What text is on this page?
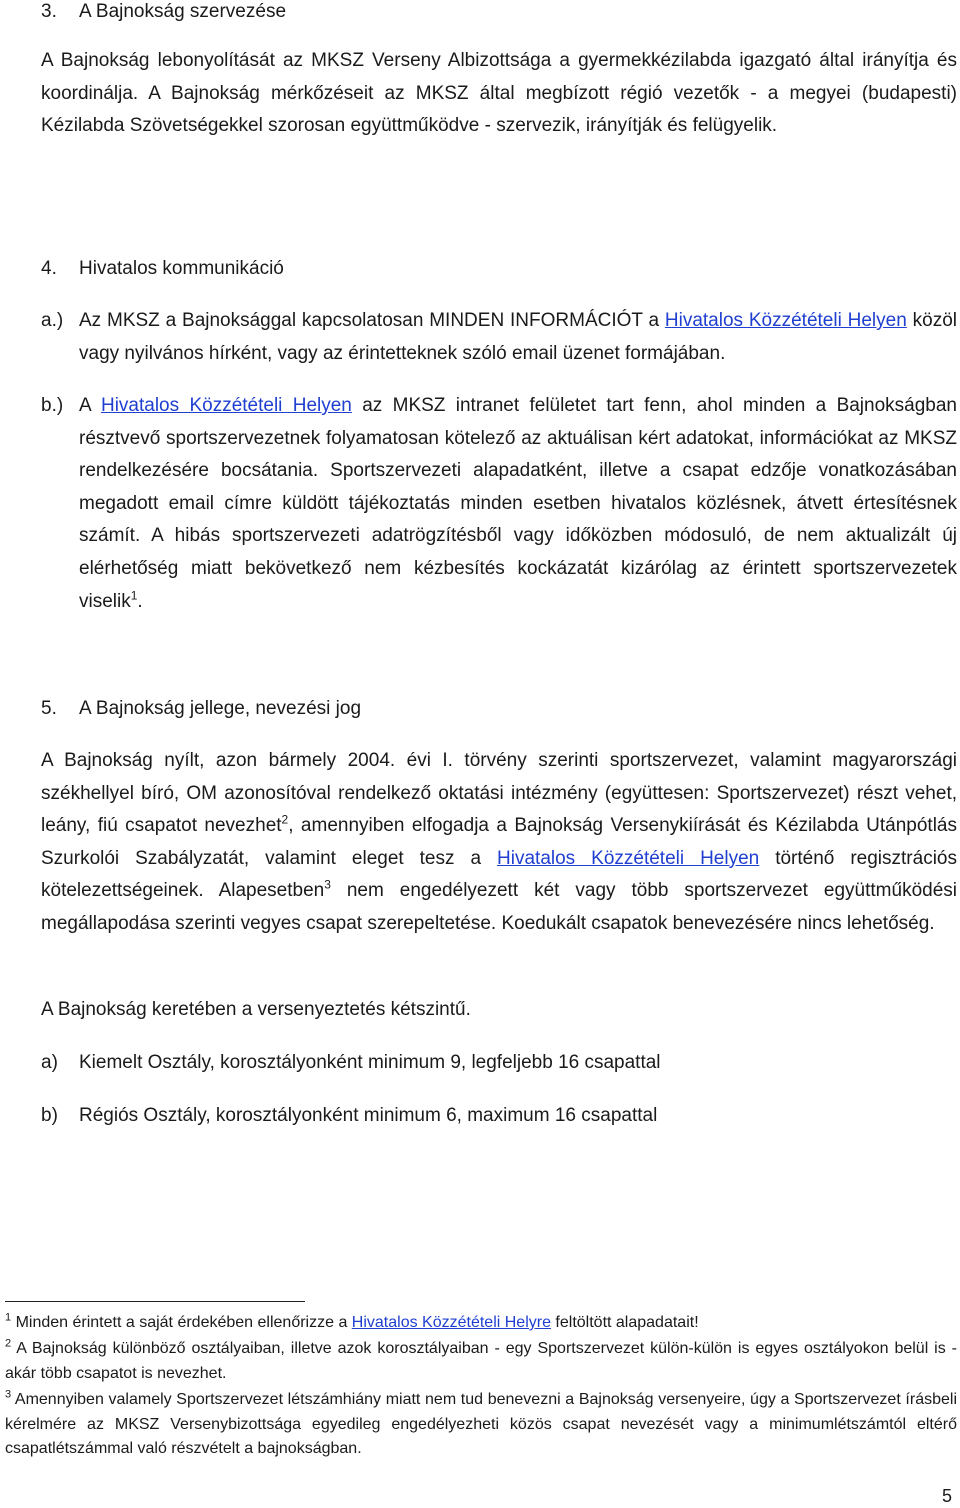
3. A Bajnokság szervezése

A Bajnokság lebonyolítását az MKSZ Verseny Albizottsága a gyermekkézilabda igazgató által irányítja és koordinálja. A Bajnokság mérkőzéseit az MKSZ által megbízott régió vezetők - a megyei (budapesti) Kézilabda Szövetségekkel szorosan együttműködve - szervezik, irányítják és felügyelik.

4. Hivatalos kommunikáció
a.) Az MKSZ a Bajnoksággal kapcsolatosan MINDEN INFORMÁCIÓT a Hivatalos Közzétételi Helyen közöl vagy nyilvános hírként, vagy az érintetteknek szóló email üzenet formájában.
b.) A Hivatalos Közzétételi Helyen az MKSZ intranet felületet tart fenn, ahol minden a Bajnokságban résztvevő sportszervezetnek folyamatosan kötelező az aktuálisan kért adatokat, információkat az MKSZ rendelkezésére bocsátania. Sportszervezeti alapadatként, illetve a csapat edzője vonatkozásában megadott email címre küldött tájékoztatás minden esetben hivatalos közlésnek, átvett értesítésnek számít. A hibás sportszervezeti adatrögzítésből vagy időközben módosuló, de nem aktualizált új elérhetőség miatt bekövetkező nem kézbesítés kockázatát kizárólag az érintett sportszervezetek viselik$^1$.
5. A Bajnokság jellege, nevezési jog

A Bajnokság nyílt, azon bármely 2004. évi I. törvény szerinti sportszervezet, valamint magyarországi székhellyel bíró, OM azonosítóval rendelkező oktatási intézmény (együttesen: Sportszervezet) részt vehet, leány, fiú csapatot nevezhet$^2$, amennyiben elfogadja a Bajnokság Versenykiírását és Kézilabda Utánpótlás Szurkolói Szabályzatát, valamint eleget tesz a Hivatalos Közzétételi Helyen történő regisztrációs kötelezettségeinek. Alapesetben$^3$ nem engedélyezett két vagy több sportszervezet együttműködési megállapodása szerinti vegyes csapat szerepeltetése. Koedukált csapatok benevezésére nincs lehetőség.

A Bajnokság keretében a versenyeztetés kétszintű.

a) Kiemelt Osztály, korosztályonként minimum 9, legfeljebb 16 csapattal
b) Régiós Osztály, korosztályonként minimum 6, maximum 16 csapattal
$^1$ Minden érintett a saját érdekében ellenőrizze a Hivatalos Közzétételi Helyre feltöltött alapadatait!
$^2$ A Bajnokság különböző osztályaiban, illetve azok korosztályaiban - egy Sportszervezet külön-külön is egyes osztályokon belül is - akár több csapatot is nevezhet.
$^3$ Amennyiben valamely Sportszervezet létszámhiány miatt nem tud benevezni a Bajnokság versenyeire, úgy a Sportszervezet írásbeli kérelmére az MKSZ Versenybizottsága egyedileg engedélyezheti közös csapat nevezését vagy a minimumlétszámtól eltérő csapatlétszámmal való részvételt a bajnokságban.
5
